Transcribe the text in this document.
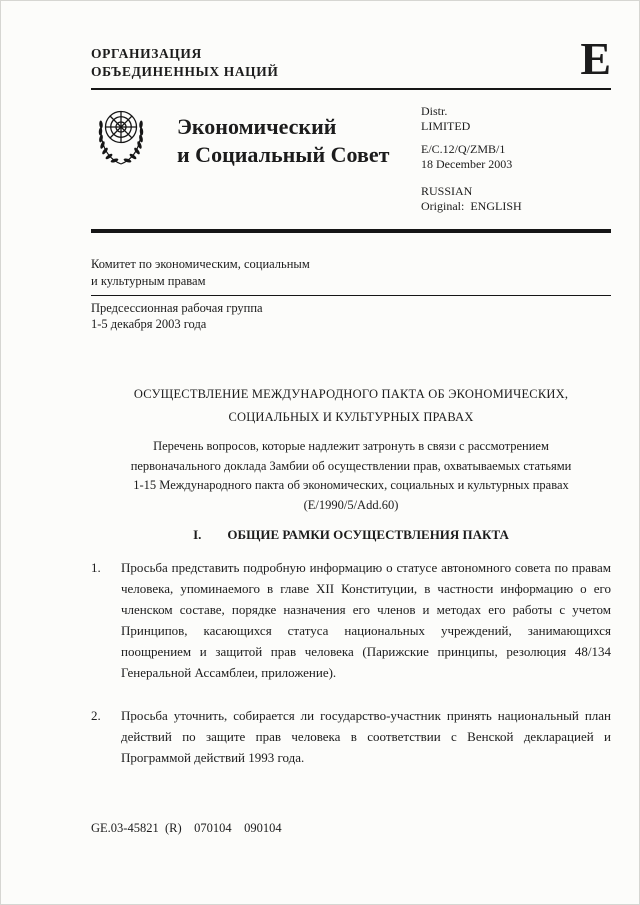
ОРГАНИЗАЦИЯ
ОБЪЕДИНЕННЫХ НАЦИЙ	E
Экономический
и Социальный Совет
Distr.
LIMITED
E/C.12/Q/ZMB/1
18 December 2003
RUSSIAN
Original:  ENGLISH
Комитет по экономическим, социальным
и культурным правам
Предсессионная рабочая группа
1-5 декабря 2003 года
ОСУЩЕСТВЛЕНИЕ МЕЖДУНАРОДНОГО ПАКТА ОБ ЭКОНОМИЧЕСКИХ,
СОЦИАЛЬНЫХ И КУЛЬТУРНЫХ ПРАВАХ
Перечень вопросов, которые надлежит затронуть в связи с рассмотрением первоначального доклада Замбии об осуществлении прав, охватываемых статьями 1-15 Международного пакта об экономических, социальных и культурных правах (E/1990/5/Add.60)
I. ОБЩИЕ РАМКИ ОСУЩЕСТВЛЕНИЯ ПАКТА
1. Просьба представить подробную информацию о статусе автономного совета по правам человека, упоминаемого в главе XII Конституции, в частности информацию о его членском составе, порядке назначения его членов и методах его работы с учетом Принципов, касающихся статуса национальных учреждений, занимающихся поощрением и защитой прав человека (Парижские принципы, резолюция 48/134 Генеральной Ассамблеи, приложение).
2. Просьба уточнить, собирается ли государство-участник принять национальный план действий по защите прав человека в соответствии с Венской декларацией и Программой действий 1993 года.
GE.03-45821  (R)    070104    090104
